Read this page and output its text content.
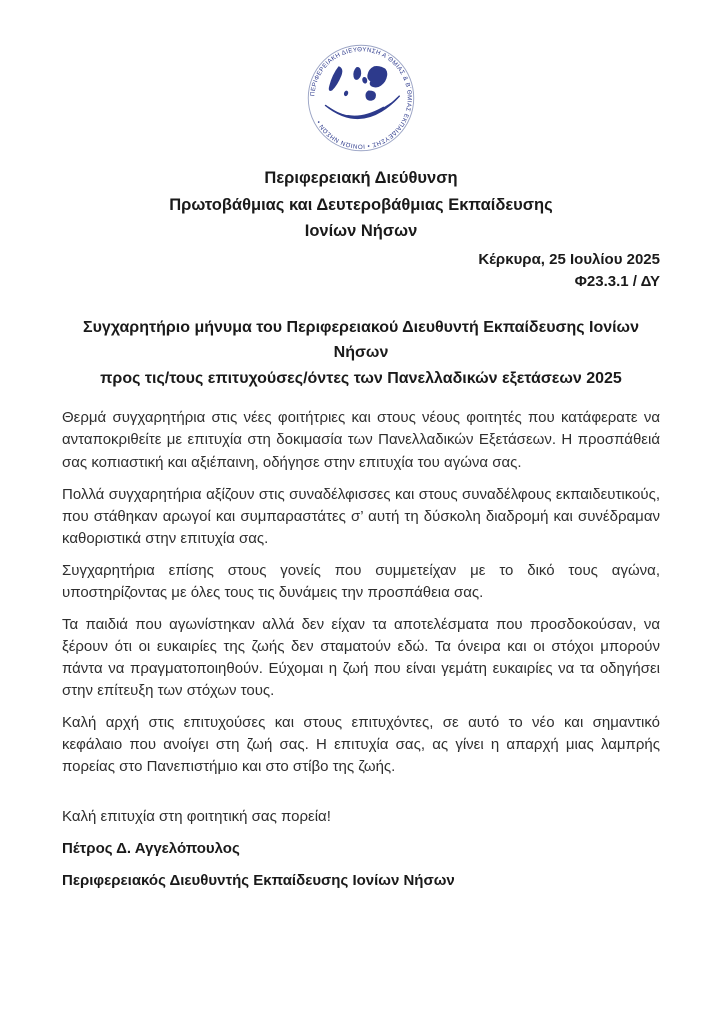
ΠΕΡΙΦΕΡΕΙΑΚΗ ΔΙΕΥΘΥΝΣΗ Α΄ΘΜΙΑΣ & Β΄ΘΜΙΑΣ ΕΚΠΑΙΔΕΥΣΗΣ • ΙΟΝΙΩΝ ΝΗΣΩΝ •
Περιφερειακή Διεύθυνση
Πρωτοβάθμιας και Δευτεροβάθμιας Εκπαίδευσης
Ιονίων Νήσων
Κέρκυρα, 25 Ιουλίου 2025
Φ23.3.1 / ΔΥ
Συγχαρητήριο μήνυμα του Περιφερειακού Διευθυντή Εκπαίδευσης Ιονίων Νήσων
προς τις/τους επιτυχούσες/όντες των Πανελλαδικών εξετάσεων 2025

Θερμά συγχαρητήρια στις νέες φοιτήτριες και στους νέους φοιτητές που κατάφερατε να ανταποκριθείτε με επιτυχία στη δοκιμασία των Πανελλαδικών Εξετάσεων. Η προσπάθειά σας κοπιαστική και αξιέπαινη, οδήγησε στην επιτυχία του αγώνα σας.

Πολλά συγχαρητήρια αξίζουν στις συναδέλφισσες και στους συναδέλφους εκπαιδευτικούς, που στάθηκαν αρωγοί και συμπαραστάτες σ’ αυτή τη δύσκολη διαδρομή και συνέδραμαν καθοριστικά στην επιτυχία σας.

Συγχαρητήρια επίσης στους γονείς που συμμετείχαν με το δικό τους αγώνα, υποστηρίζοντας με όλες τους τις δυνάμεις την προσπάθεια σας.

Τα παιδιά που αγωνίστηκαν αλλά δεν είχαν τα αποτελέσματα που προσδοκούσαν, να ξέρουν ότι οι ευκαιρίες της ζωής δεν σταματούν εδώ. Τα όνειρα και οι στόχοι μπορούν πάντα να πραγματοποιηθούν. Εύχομαι η ζωή που είναι γεμάτη ευκαιρίες να τα οδηγήσει στην επίτευξη των στόχων τους.

Καλή αρχή στις επιτυχούσες και στους επιτυχόντες, σε αυτό το νέο και σημαντικό κεφάλαιο που ανοίγει στη ζωή σας. Η επιτυχία σας, ας γίνει η απαρχή μιας λαμπρής πορείας στο Πανεπιστήμιο και στο στίβο της ζωής.

Καλή επιτυχία στη φοιτητική σας πορεία!
Πέτρος Δ. Αγγελόπουλος
Περιφερειακός Διευθυντής Εκπαίδευσης Ιονίων Νήσων
